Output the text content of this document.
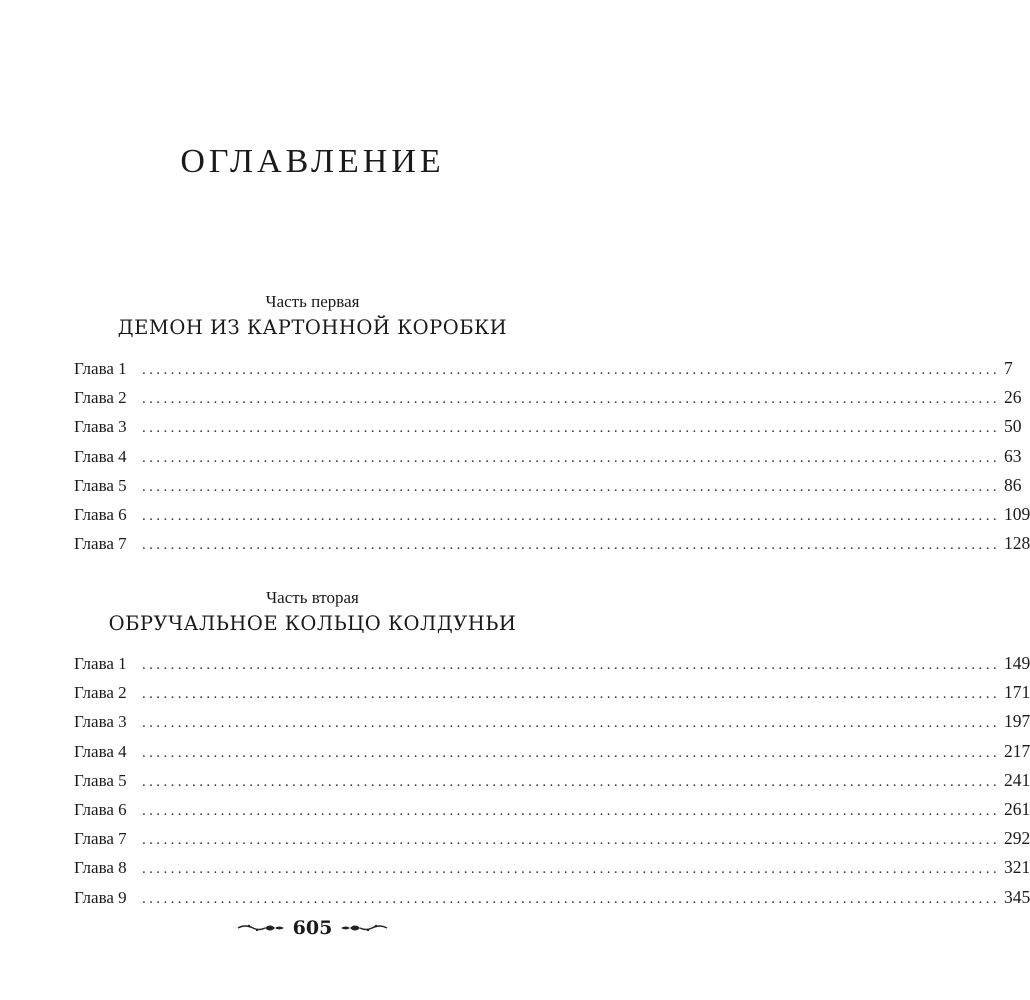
ОГЛАВЛЕНИЕ
Часть первая
ДЕМОН ИЗ КАРТОННОЙ КОРОБКИ
Глава 1	........................................................................................................................ 7
Глава 2	........................................................................................................................ 26
Глава 3	........................................................................................................................ 50
Глава 4	........................................................................................................................ 63
Глава 5	........................................................................................................................ 86
Глава 6	........................................................................................................................ 109
Глава 7	........................................................................................................................ 128
Часть вторая
ОБРУЧАЛЬНОЕ КОЛЬЦО КОЛДУНЬИ
Глава 1	........................................................................................................................ 149
Глава 2	........................................................................................................................ 171
Глава 3	........................................................................................................................ 197
Глава 4	........................................................................................................................ 217
Глава 5	........................................................................................................................ 241
Глава 6	........................................................................................................................ 261
Глава 7	........................................................................................................................ 292
Глава 8	........................................................................................................................ 321
Глава 9	........................................................................................................................ 345
605
